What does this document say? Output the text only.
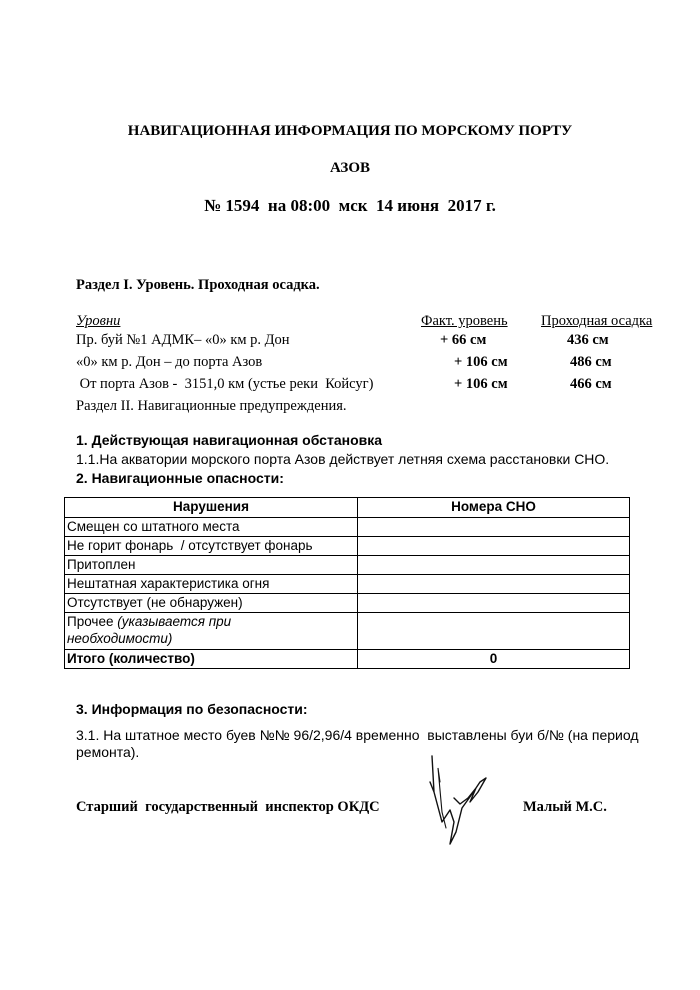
НАВИГАЦИОННАЯ ИНФОРМАЦИЯ ПО МОРСКОМУ ПОРТУ
АЗОВ
№ 1594  на 08:00  мск  14 июня  2017 г.
Раздел I. Уровень. Проходная осадка.
Уровни	Факт. уровень Проходная осадка
Пр. буй №1 АДМК– «0» км р. Дон	+ 66 см	436 см
«0» км р. Дон – до порта Азов	+ 106 см	486 см
От порта Азов -  3151,0 км (устье реки  Койсуг)	+ 106 см	466 см
Раздел II. Навигационные предупреждения.
1. Действующая навигационная обстановка
1.1.На акватории морского порта Азов действует летняя схема расстановки СНО.
2. Навигационные опасности:
Нарушения	Номера СНО
Смещен со штатного места	
Не горит фонарь  / отсутствует фонарь	
Притоплен	
Нештатная характеристика огня	
Отсутствует (не обнаружен)	
Прочее (указывается при
необходимости)	
Итого (количество)	0
3. Информация по безопасности:
3.1. На штатное место буев №№ 96/2,96/4 временно  выставлены буи б/№ (на период
ремонта).
Старший  государственный  инспектор ОКДС	Малый М.С.
